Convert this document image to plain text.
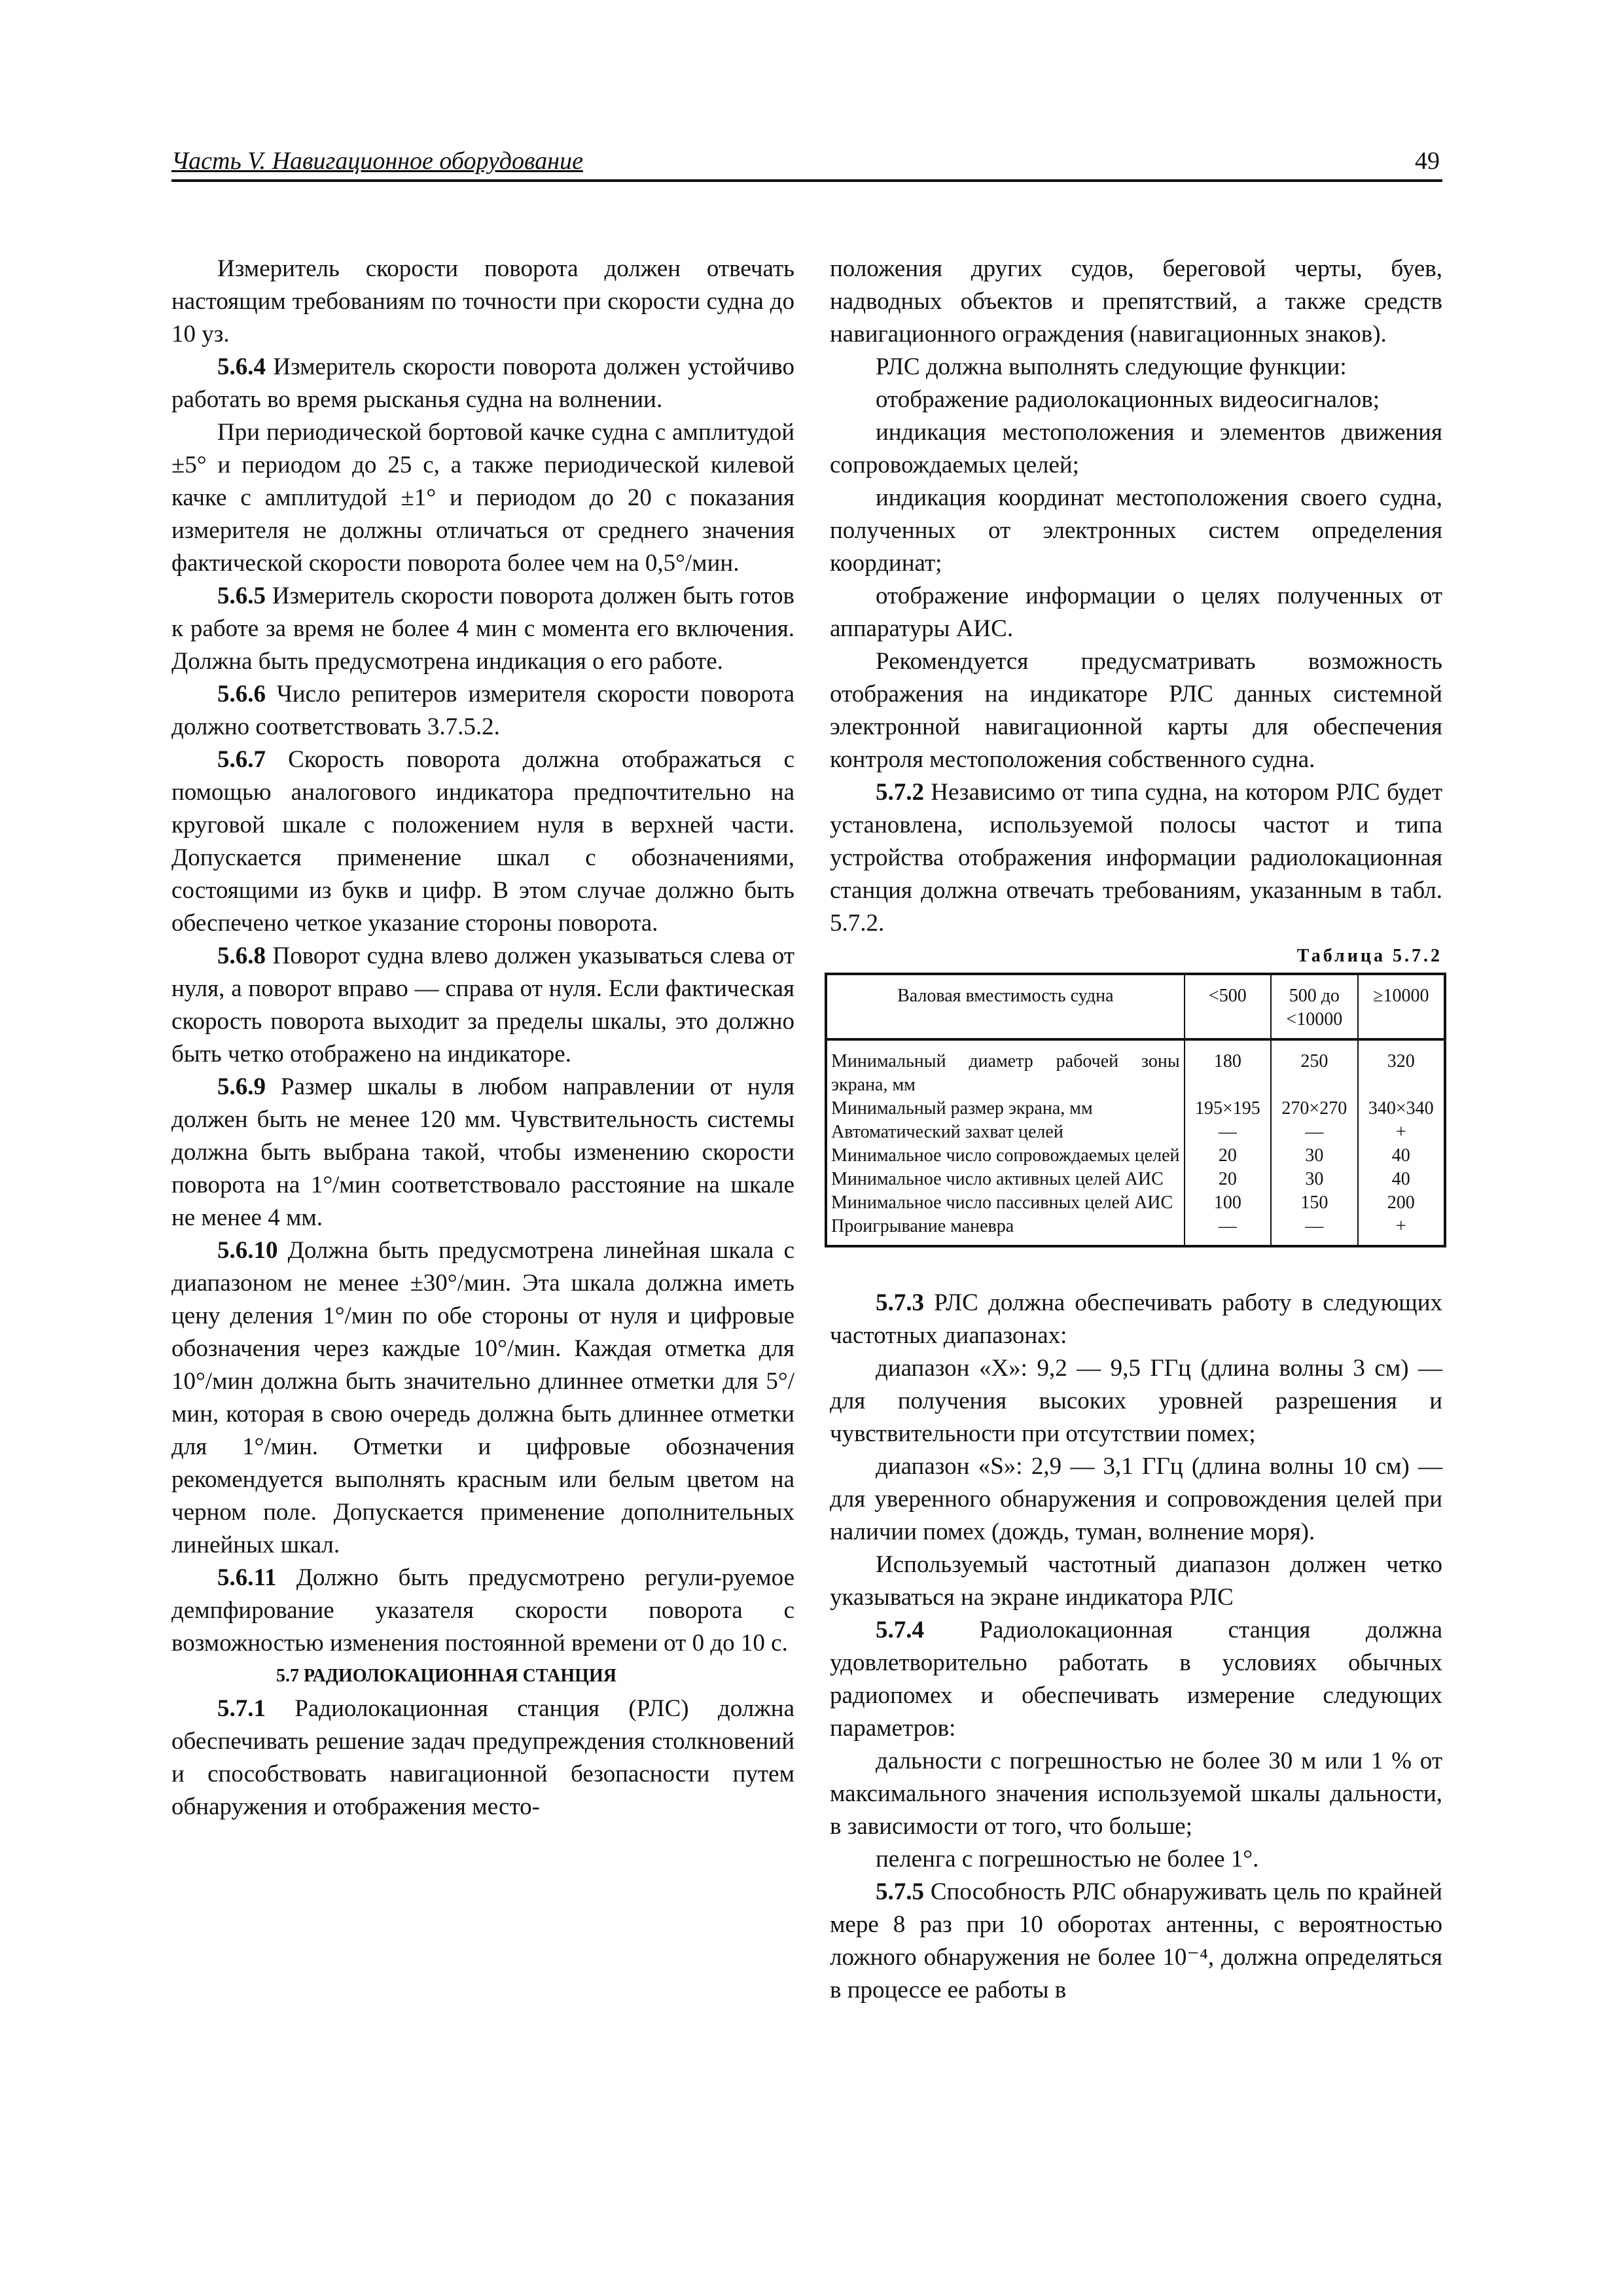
Часть V. Навигационное оборудование	49

Измеритель скорости поворота должен отвечать настоящим требованиям по точности при скорости судна до 10 уз.

5.6.4 Измеритель скорости поворота должен устойчиво работать во время рысканья судна на волнении.

При периодической бортовой качке судна с амплитудой ±5° и периодом до 25 с, а также периодической килевой качке с амплитудой ±1° и периодом до 20 с показания измерителя не должны отличаться от среднего значения фактической скорости поворота более чем на 0,5°/мин.

5.6.5 Измеритель скорости поворота должен быть готов к работе за время не более 4 мин с момента его включения. Должна быть предусмотрена индикация о его работе.

5.6.6 Число репитеров измерителя скорости поворота должно соответствовать 3.7.5.2.

5.6.7 Скорость поворота должна отображаться с помощью аналогового индикатора предпочтительно на круговой шкале с положением нуля в верхней части. Допускается применение шкал с обозначениями, состоящими из букв и цифр. В этом случае должно быть обеспечено четкое указание стороны поворота.

5.6.8 Поворот судна влево должен указываться слева от нуля, а поворот вправо — справа от нуля. Если фактическая скорость поворота выходит за пределы шкалы, это должно быть четко отображено на индикаторе.

5.6.9 Размер шкалы в любом направлении от нуля должен быть не менее 120 мм. Чувствительность системы должна быть выбрана такой, чтобы изменению скорости поворота на 1°/мин соответствовало расстояние на шкале не менее 4 мм.

5.6.10 Должна быть предусмотрена линейная шкала с диапазоном не менее ±30°/мин. Эта шкала должна иметь цену деления 1°/мин по обе стороны от нуля и цифровые обозначения через каждые 10°/мин. Каждая отметка для 10°/мин должна быть значительно длиннее отметки для 5°/мин, которая в свою очередь должна быть длиннее отметки для 1°/мин. Отметки и цифровые обозначения рекомендуется выполнять красным или белым цветом на черном поле. Допускается применение дополнительных линейных шкал.

5.6.11 Должно быть предусмотрено регули-руемое демпфирование указателя скорости поворота с возможностью изменения постоянной времени от 0 до 10 с.

5.7 РАДИОЛОКАЦИОННАЯ СТАНЦИЯ

5.7.1 Радиолокационная станция (РЛС) должна обеспечивать решение задач предупреждения столкновений и способствовать навигационной безопасности путем обнаружения и отображения место-

положения других судов, береговой черты, буев, надводных объектов и препятствий, а также средств навигационного ограждения (навигационных знаков).

РЛС должна выполнять следующие функции:

отображение радиолокационных видеосигналов;

индикация местоположения и элементов движения сопровождаемых целей;

индикация координат местоположения своего судна, полученных от электронных систем определения координат;

отображение информации о целях полученных от аппаратуры АИС.

Рекомендуется предусматривать возможность отображения на индикаторе РЛС данных системной электронной навигационной карты для обеспечения контроля местоположения собственного судна.

5.7.2 Независимо от типа судна, на котором РЛС будет установлена, используемой полосы частот и типа устройства отображения информации радиолокационная станция должна отвечать требованиям, указанным в табл. 5.7.2.

Таблица 5.7.2

Валовая вместимость судна	<500	500 до <10000	≥10000
Минимальный диаметр рабочей зоны экрана, мм	180	250	320
Минимальный размер экрана, мм	195×195	270×270	340×340
Автоматический захват целей	—	—	+
Минимальное число сопровождаемых целей	20	30	40
Минимальное число активных целей АИС	20	30	40
Минимальное число пассивных целей АИС	100	150	200
Проигрывание маневра	—	—	+

5.7.3 РЛС должна обеспечивать работу в следующих частотных диапазонах:

диапазон «X»: 9,2 — 9,5 ГГц (длина волны 3 см) — для получения высоких уровней разрешения и чувствительности при отсутствии помех;

диапазон «S»: 2,9 — 3,1 ГГц (длина волны 10 см) — для уверенного обнаружения и сопровождения целей при наличии помех (дождь, туман, волнение моря).

Используемый частотный диапазон должен четко указываться на экране индикатора РЛС

5.7.4 Радиолокационная станция должна удовлетворительно работать в условиях обычных радиопомех и обеспечивать измерение следующих параметров:

дальности с погрешностью не более 30 м или 1 % от максимального значения используемой шкалы дальности, в зависимости от того, что больше;

пеленга с погрешностью не более 1°.

5.7.5 Способность РЛС обнаруживать цель по крайней мере 8 раз при 10 оборотах антенны, с вероятностью ложного обнаружения не более 10⁻⁴, должна определяться в процессе ее работы в
